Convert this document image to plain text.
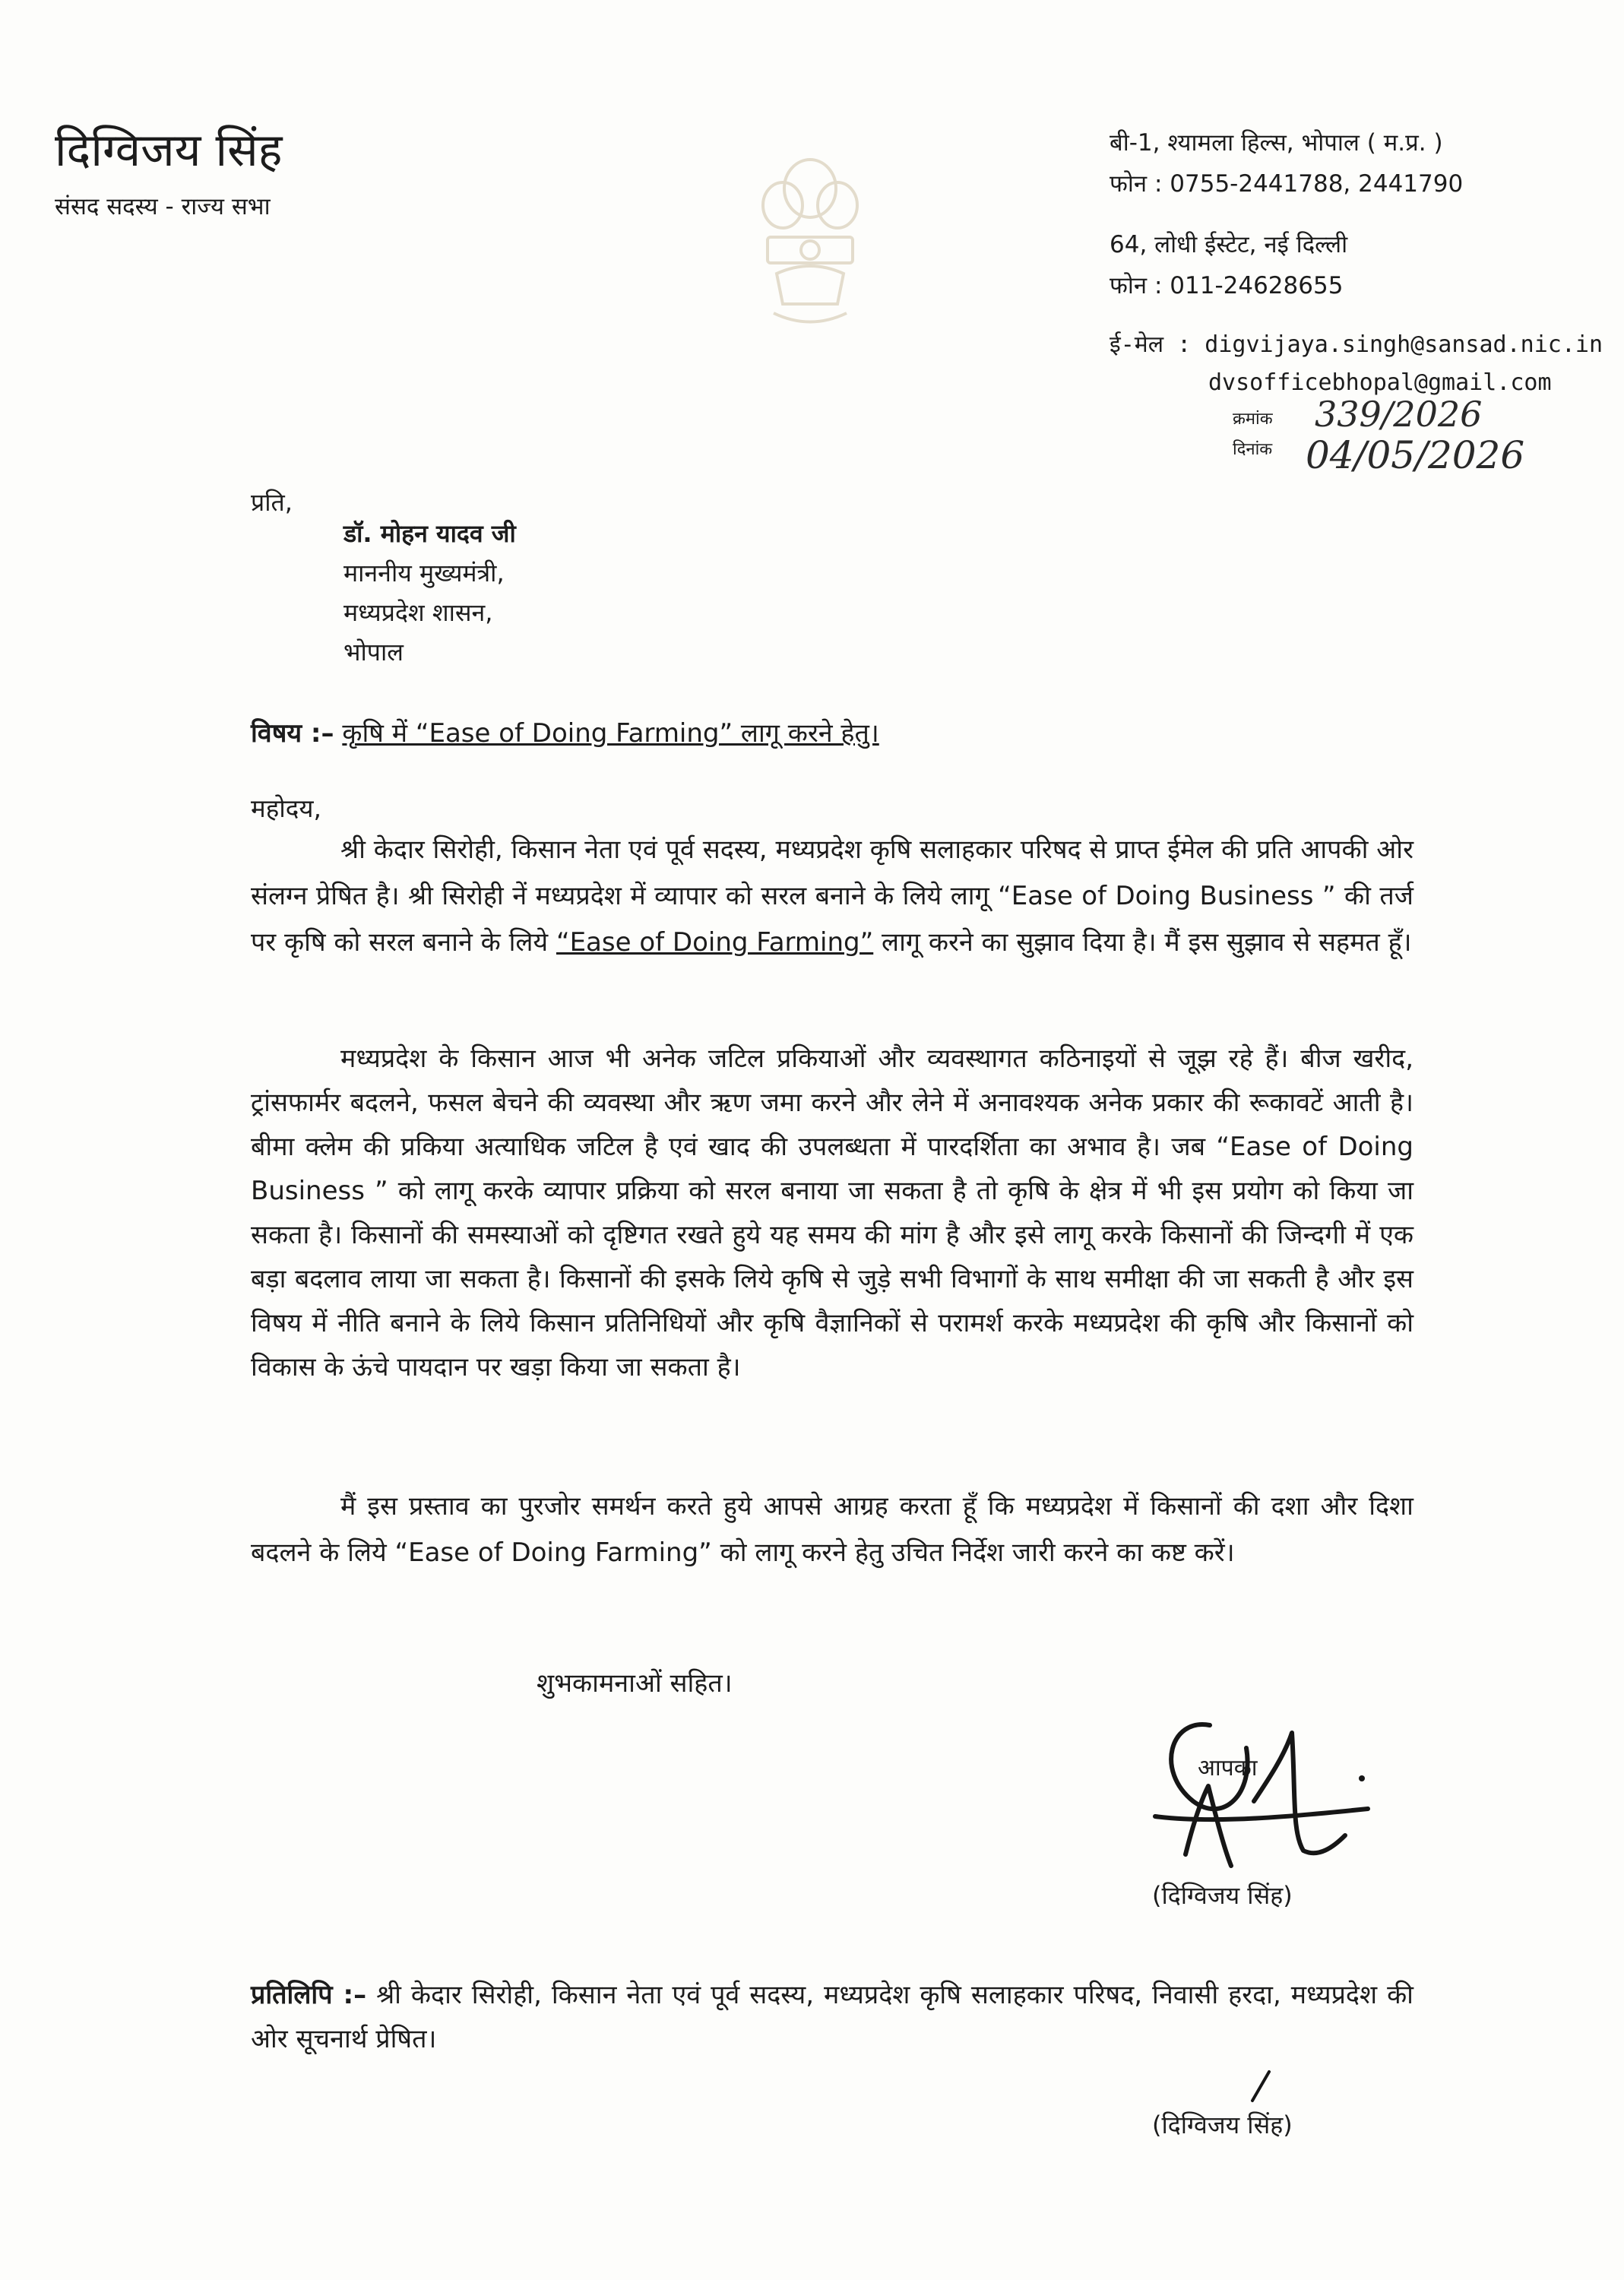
दिग्विजय सिंह
संसद सदस्य - राज्य सभा
बी-1, श्यामला हिल्स, भोपाल ( म.प्र. )
फोन : 0755-2441788, 2441790
64, लोधी ईस्टेट, नई दिल्ली
फोन : 011-24628655
ई-मेल : digvijaya.singh@sansad.nic.in
dvsofficebhopal@gmail.com
क्रमांक 339/2026
दिनांक 04/05/2026
प्रति,
डॉ. मोहन यादव जी
माननीय मुख्यमंत्री,
मध्यप्रदेश शासन,
भोपाल
विषय :– कृषि में “Ease of Doing Farming” लागू करने हेतु।
महोदय,

श्री केदार सिरोही, किसान नेता एवं पूर्व सदस्य, मध्यप्रदेश कृषि सलाहकार परिषद से प्राप्त ईमेल की प्रति आपकी ओर संलग्न प्रेषित है। श्री सिरोही नें मध्यप्रदेश में व्यापार को सरल बनाने के लिये लागू “Ease of Doing Business ” की तर्ज पर कृषि को सरल बनाने के लिये “Ease of Doing Farming” लागू करने का सुझाव दिया है। मैं इस सुझाव से सहमत हूँ।

मध्यप्रदेश के किसान आज भी अनेक जटिल प्रकियाओं और व्यवस्थागत कठिनाइयों से जूझ रहे हैं। बीज खरीद, ट्रांसफार्मर बदलने, फसल बेचने की व्यवस्था और ऋण जमा करने और लेने में अनावश्यक अनेक प्रकार की रूकावटें आती है। बीमा क्लेम की प्रकिया अत्याधिक जटिल है एवं खाद की उपलब्धता में पारदर्शिता का अभाव है। जब “Ease of Doing Business ” को लागू करके व्यापार प्रक्रिया को सरल बनाया जा सकता है तो कृषि के क्षेत्र में भी इस प्रयोग को किया जा सकता है। किसानों की समस्याओं को दृष्टिगत रखते हुये यह समय की मांग है और इसे लागू करके किसानों की जिन्दगी में एक बड़ा बदलाव लाया जा सकता है। किसानों की इसके लिये कृषि से जुड़े सभी विभागों के साथ समीक्षा की जा सकती है और इस विषय में नीति बनाने के लिये किसान प्रतिनिधियों और कृषि वैज्ञानिकों से परामर्श करके मध्यप्रदेश की कृषि और किसानों को विकास के ऊंचे पायदान पर खड़ा किया जा सकता है।

मैं इस प्रस्ताव का पुरजोर समर्थन करते हुये आपसे आग्रह करता हूँ कि मध्यप्रदेश में किसानों की दशा और दिशा बदलने के लिये “Ease of Doing Farming” को लागू करने हेतु उचित निर्देश जारी करने का कष्ट करें।

शुभकामनाओं सहित।
आपका
(दिग्विजय सिंह)

प्रतिलिपि :– श्री केदार सिरोही, किसान नेता एवं पूर्व सदस्य, मध्यप्रदेश कृषि सलाहकार परिषद, निवासी हरदा, मध्यप्रदेश की ओर सूचनार्थ प्रेषित।

(दिग्विजय सिंह)
